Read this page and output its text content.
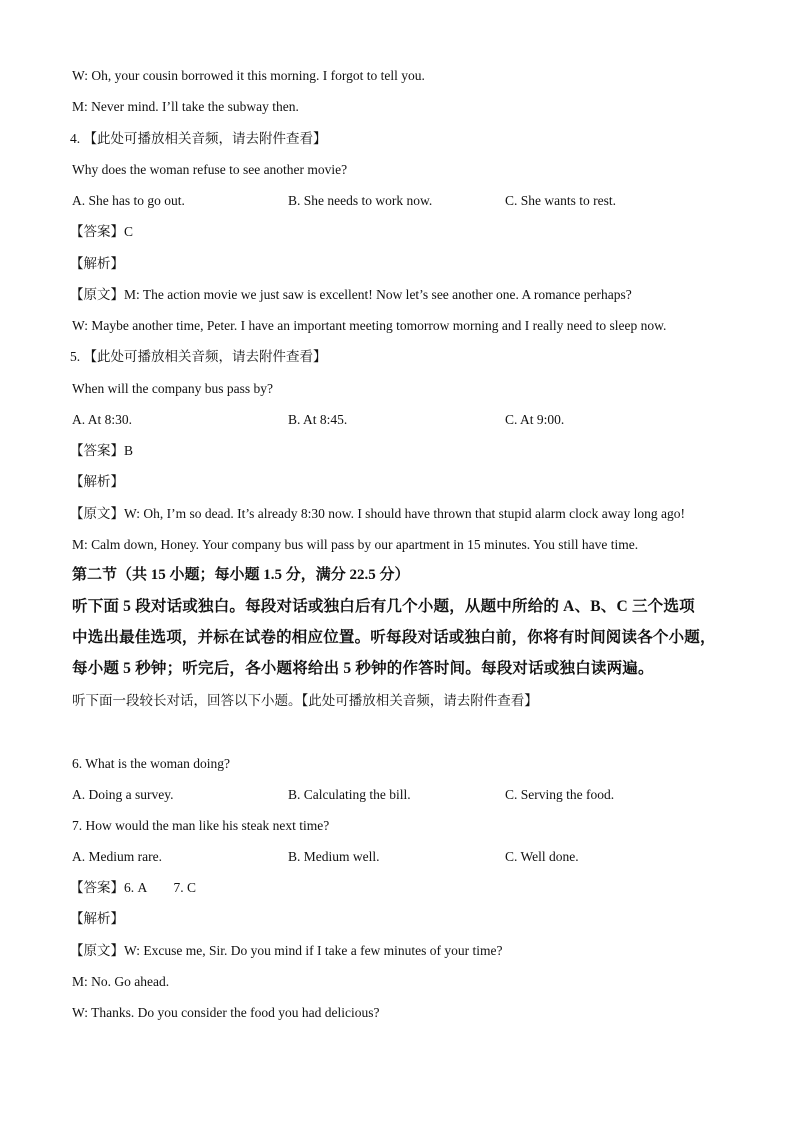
W: Oh, your cousin borrowed it this morning. I forgot to tell you.
M: Never mind. I’ll take the subway then.
4. 【此处可播放相关音频，请去附件查看】
Why does the woman refuse to see another movie?
A. She has to go out.	B. She needs to work now.	C. She wants to rest.
【答案】C
【解析】
【原文】M: The action movie we just saw is excellent! Now let’s see another one. A romance perhaps?
W: Maybe another time, Peter. I have an important meeting tomorrow morning and I really need to sleep now.
5. 【此处可播放相关音频，请去附件查看】
When will the company bus pass by?
A. At 8:30.	B. At 8:45.	C. At 9:00.
【答案】B
【解析】
【原文】W: Oh, I’m so dead. It’s already 8:30 now. I should have thrown that stupid alarm clock away long ago!
M: Calm down, Honey. Your company bus will pass by our apartment in 15 minutes. You still have time.
第二节（共 15 小题；每小题 1.5 分，满分 22.5 分）
听下面 5 段对话或独白。每段对话或独白后有几个小题，从题中所给的 A、B、C 三个选项
中选出最佳选项，并标在试卷的相应位置。听每段对话或独白前，你将有时间阅读各个小题，
每小题 5 秒钟；听完后，各小题将给出 5 秒钟的作答时间。每段对话或独白读两遍。
听下面一段较长对话，回答以下小题。【此处可播放相关音频，请去附件查看】
6. What is the woman doing?
A. Doing a survey.	B. Calculating the bill.	C. Serving the food.
7. How would the man like his steak next time?
A. Medium rare.	B. Medium well.	C. Well done.
【答案】6. A        7. C
【解析】
【原文】W: Excuse me, Sir. Do you mind if I take a few minutes of your time?
M: No. Go ahead.
W: Thanks. Do you consider the food you had delicious?
